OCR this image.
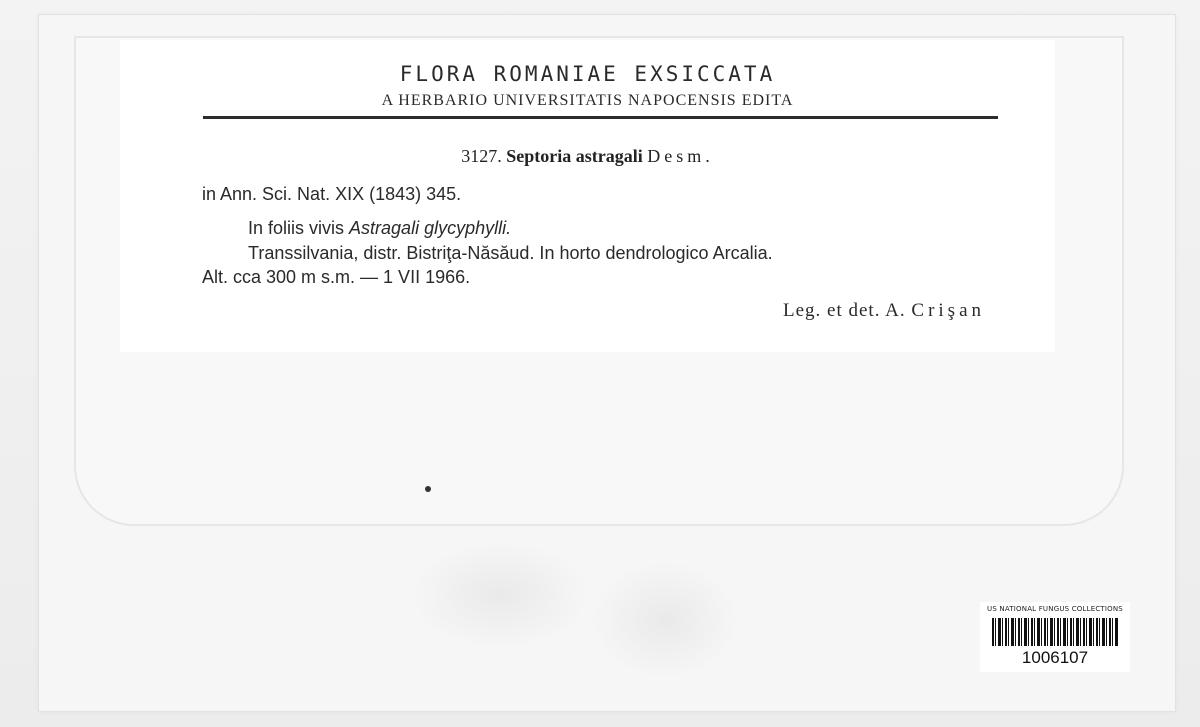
FLORA ROMANIAE EXSICCATA
A HERBARIO UNIVERSITATIS NAPOCENSIS EDITA
3127. Septoria astragali Desm.
in Ann. Sci. Nat. XIX (1843) 345.
In foliis vivis Astragali glycyphylli.
Transsilvania, distr. Bistriţa-Năsăud. In horto dendrologico Arcalia.
Alt. cca 300 m s.m. — 1 VII 1966.
Leg. et det. A. Crişan
US NATIONAL FUNGUS COLLECTIONS
1006107
